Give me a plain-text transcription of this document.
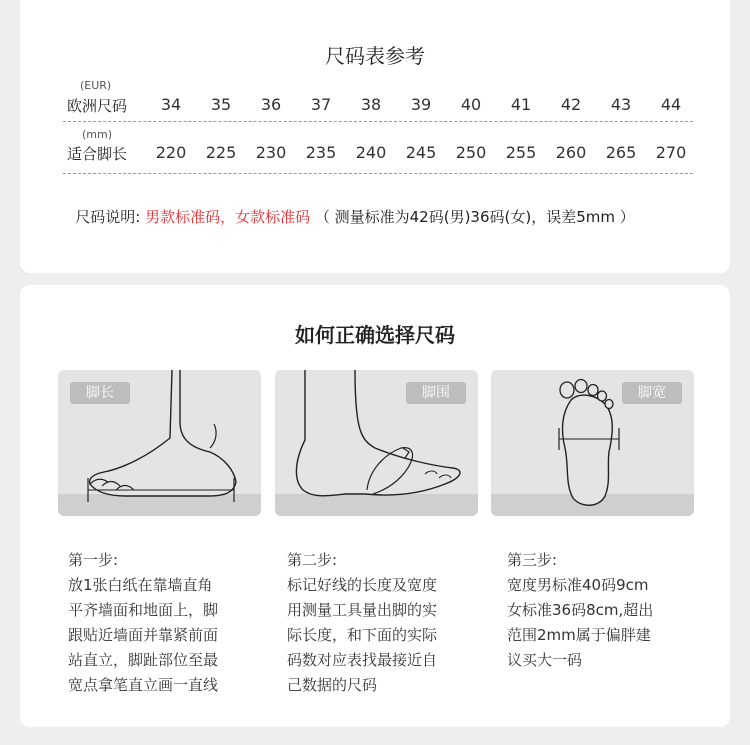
尺码表参考
(EUR)
欧洲尺码	34	35	36	37	38	39	40	41	42	43	44
(mm)
适合脚长	220	225	230	235	240	245	250	255	260	265	270
尺码说明: 男款标准码，女款标准码 （ 测量标准为42码(男)36码(女)，误差5mm ）
如何正确选择尺码
脚长	脚围	脚宽
第一步:
放1张白纸在靠墙直角
平齐墙面和地面上，脚
跟贴近墙面并靠紧前面
站直立，脚趾部位至最
宽点拿笔直立画一直线
第二步:
标记好线的长度及宽度
用测量工具量出脚的实
际长度，和下面的实际
码数对应表找最接近自
己数据的尺码
第三步:
宽度男标准40码9cm
女标准36码8cm,超出
范围2mm属于偏胖建
议买大一码
